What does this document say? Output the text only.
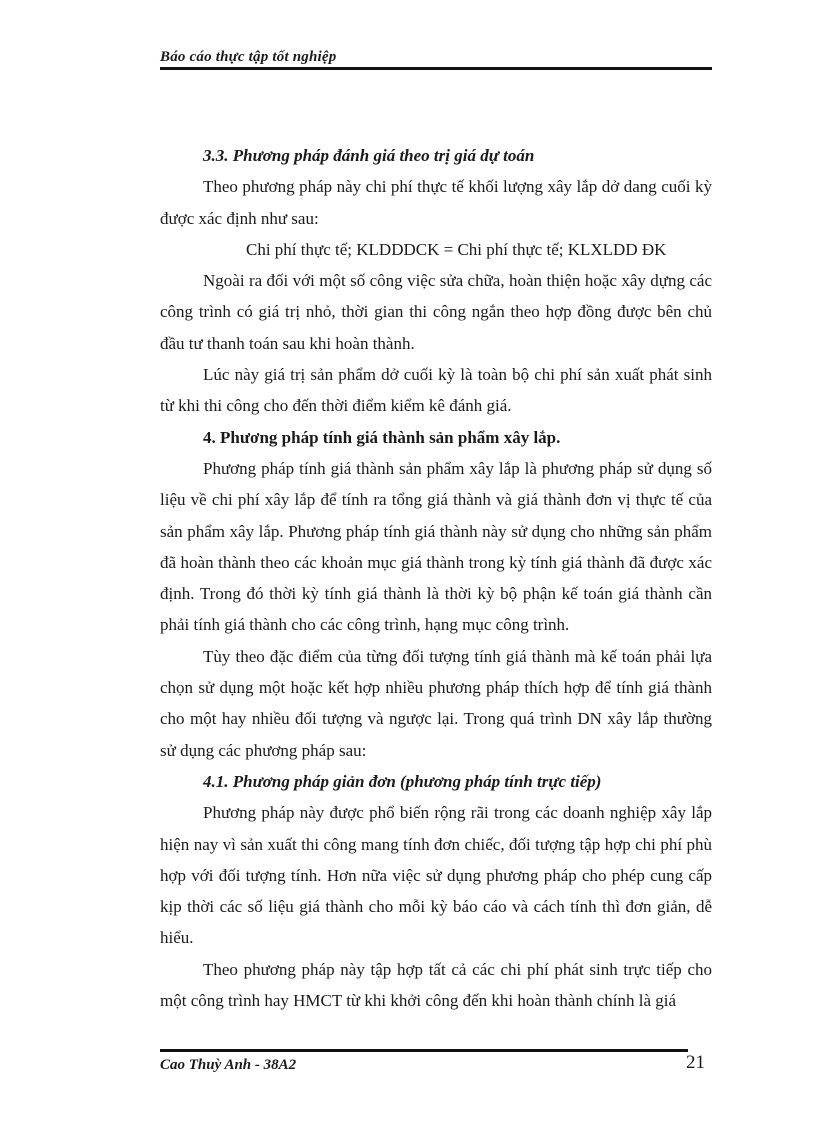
Báo cáo thực tập tốt nghiệp

3.3. Phương pháp đánh giá theo trị giá dự toán

Theo phương pháp này chi phí thực tế khối lượng xây lắp dở dang cuối kỳ được xác định như sau:

Chi phí thực tế; KLDDDCK = Chi phí thực tế; KLXLDD ĐK

Ngoài ra đối với một số công việc sửa chữa, hoàn thiện hoặc xây dựng các công trình có giá trị nhỏ, thời gian thi công ngắn theo hợp đồng được bên chủ đầu tư thanh toán sau khi hoàn thành.

Lúc này giá trị sản phẩm dở cuối kỳ là toàn bộ chi phí sản xuất phát sinh từ khi thi công cho đến thời điểm kiểm kê đánh giá.

4. Phương pháp tính giá thành sản phẩm xây lắp.

Phương pháp tính giá thành sản phẩm xây lắp là phương pháp sử dụng số liệu về chi phí xây lắp để tính ra tổng giá thành và giá thành đơn vị thực tế của sản phẩm xây lắp. Phương pháp tính giá thành này sử dụng cho những sản phẩm đã hoàn thành theo các khoản mục giá thành trong kỳ tính giá thành đã được xác định. Trong đó thời kỳ tính giá thành là thời kỳ bộ phận kế toán giá thành cần phải tính giá thành cho các công trình, hạng mục công trình.

Tùy theo đặc điểm của từng đối tượng tính giá thành mà kế toán phải lựa chọn sử dụng một hoặc kết hợp nhiều phương pháp thích hợp để tính giá thành cho một hay nhiều đối tượng và ngược lại. Trong quá trình DN xây lắp thường sử dụng các phương pháp sau:

4.1. Phương pháp giản đơn (phương pháp tính trực tiếp)

Phương pháp này được phổ biến rộng rãi trong các doanh nghiệp xây lắp hiện nay vì sản xuất thi công mang tính đơn chiếc, đối tượng tập hợp chi phí phù hợp với đối tượng tính. Hơn nữa việc sử dụng phương pháp cho phép cung cấp kịp thời các số liệu giá thành cho mỗi kỳ báo cáo và cách tính thì đơn giản, dễ hiểu.

Theo phương pháp này tập hợp tất cả các chi phí phát sinh trực tiếp cho một công trình hay HMCT từ khi khởi công đến khi hoàn thành chính là giá

Cao Thuỳ Anh - 38A2	21
